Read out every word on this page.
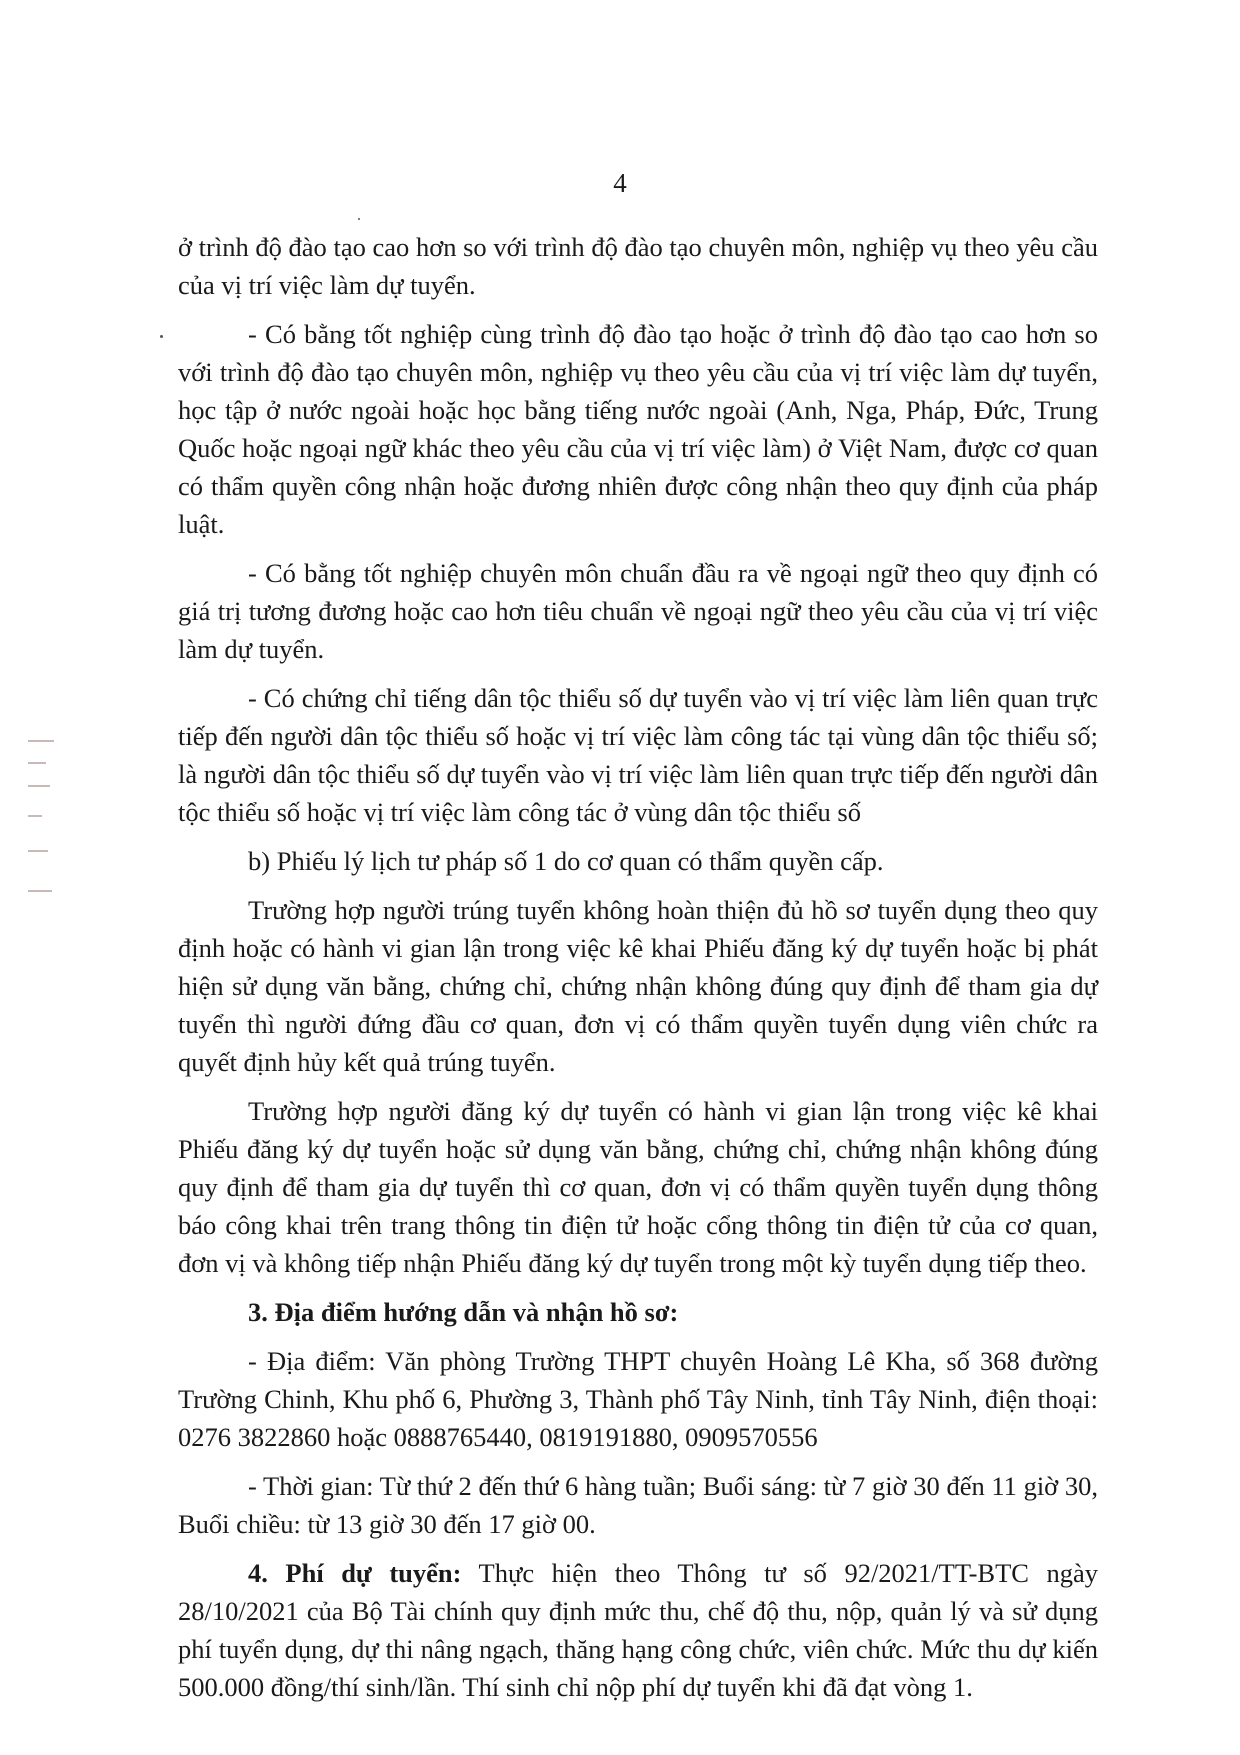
4

ở trình độ đào tạo cao hơn so với trình độ đào tạo chuyên môn, nghiệp vụ theo yêu cầu của vị trí việc làm dự tuyển.

- Có bằng tốt nghiệp cùng trình độ đào tạo hoặc ở trình độ đào tạo cao hơn so với trình độ đào tạo chuyên môn, nghiệp vụ theo yêu cầu của vị trí việc làm dự tuyển, học tập ở nước ngoài hoặc học bằng tiếng nước ngoài (Anh, Nga, Pháp, Đức, Trung Quốc hoặc ngoại ngữ khác theo yêu cầu của vị trí việc làm) ở Việt Nam, được cơ quan có thẩm quyền công nhận hoặc đương nhiên được công nhận theo quy định của pháp luật.

- Có bằng tốt nghiệp chuyên môn chuẩn đầu ra về ngoại ngữ theo quy định có giá trị tương đương hoặc cao hơn tiêu chuẩn về ngoại ngữ theo yêu cầu của vị trí việc làm dự tuyển.

- Có chứng chỉ tiếng dân tộc thiểu số dự tuyển vào vị trí việc làm liên quan trực tiếp đến người dân tộc thiểu số hoặc vị trí việc làm công tác tại vùng dân tộc thiểu số; là người dân tộc thiểu số dự tuyển vào vị trí việc làm liên quan trực tiếp đến người dân tộc thiểu số hoặc vị trí việc làm công tác ở vùng dân tộc thiểu số

b) Phiếu lý lịch tư pháp số 1 do cơ quan có thẩm quyền cấp.

Trường hợp người trúng tuyển không hoàn thiện đủ hồ sơ tuyển dụng theo quy định hoặc có hành vi gian lận trong việc kê khai Phiếu đăng ký dự tuyển hoặc bị phát hiện sử dụng văn bằng, chứng chỉ, chứng nhận không đúng quy định để tham gia dự tuyển thì người đứng đầu cơ quan, đơn vị có thẩm quyền tuyển dụng viên chức ra quyết định hủy kết quả trúng tuyển.

Trường hợp người đăng ký dự tuyển có hành vi gian lận trong việc kê khai Phiếu đăng ký dự tuyển hoặc sử dụng văn bằng, chứng chỉ, chứng nhận không đúng quy định để tham gia dự tuyển thì cơ quan, đơn vị có thẩm quyền tuyển dụng thông báo công khai trên trang thông tin điện tử hoặc cổng thông tin điện tử của cơ quan, đơn vị và không tiếp nhận Phiếu đăng ký dự tuyển trong một kỳ tuyển dụng tiếp theo.

3. Địa điểm hướng dẫn và nhận hồ sơ:

- Địa điểm: Văn phòng Trường THPT chuyên Hoàng Lê Kha, số 368 đường Trường Chinh, Khu phố 6, Phường 3, Thành phố Tây Ninh, tỉnh Tây Ninh, điện thoại: 0276 3822860 hoặc 0888765440, 0819191880, 0909570556

- Thời gian: Từ thứ 2 đến thứ 6 hàng tuần; Buổi sáng: từ 7 giờ 30 đến 11 giờ 30, Buổi chiều: từ 13 giờ 30 đến 17 giờ 00.

4. Phí dự tuyển: Thực hiện theo Thông tư số 92/2021/TT-BTC ngày 28/10/2021 của Bộ Tài chính quy định mức thu, chế độ thu, nộp, quản lý và sử dụng phí tuyển dụng, dự thi nâng ngạch, thăng hạng công chức, viên chức. Mức thu dự kiến 500.000 đồng/thí sinh/lần. Thí sinh chỉ nộp phí dự tuyển khi đã đạt vòng 1.
